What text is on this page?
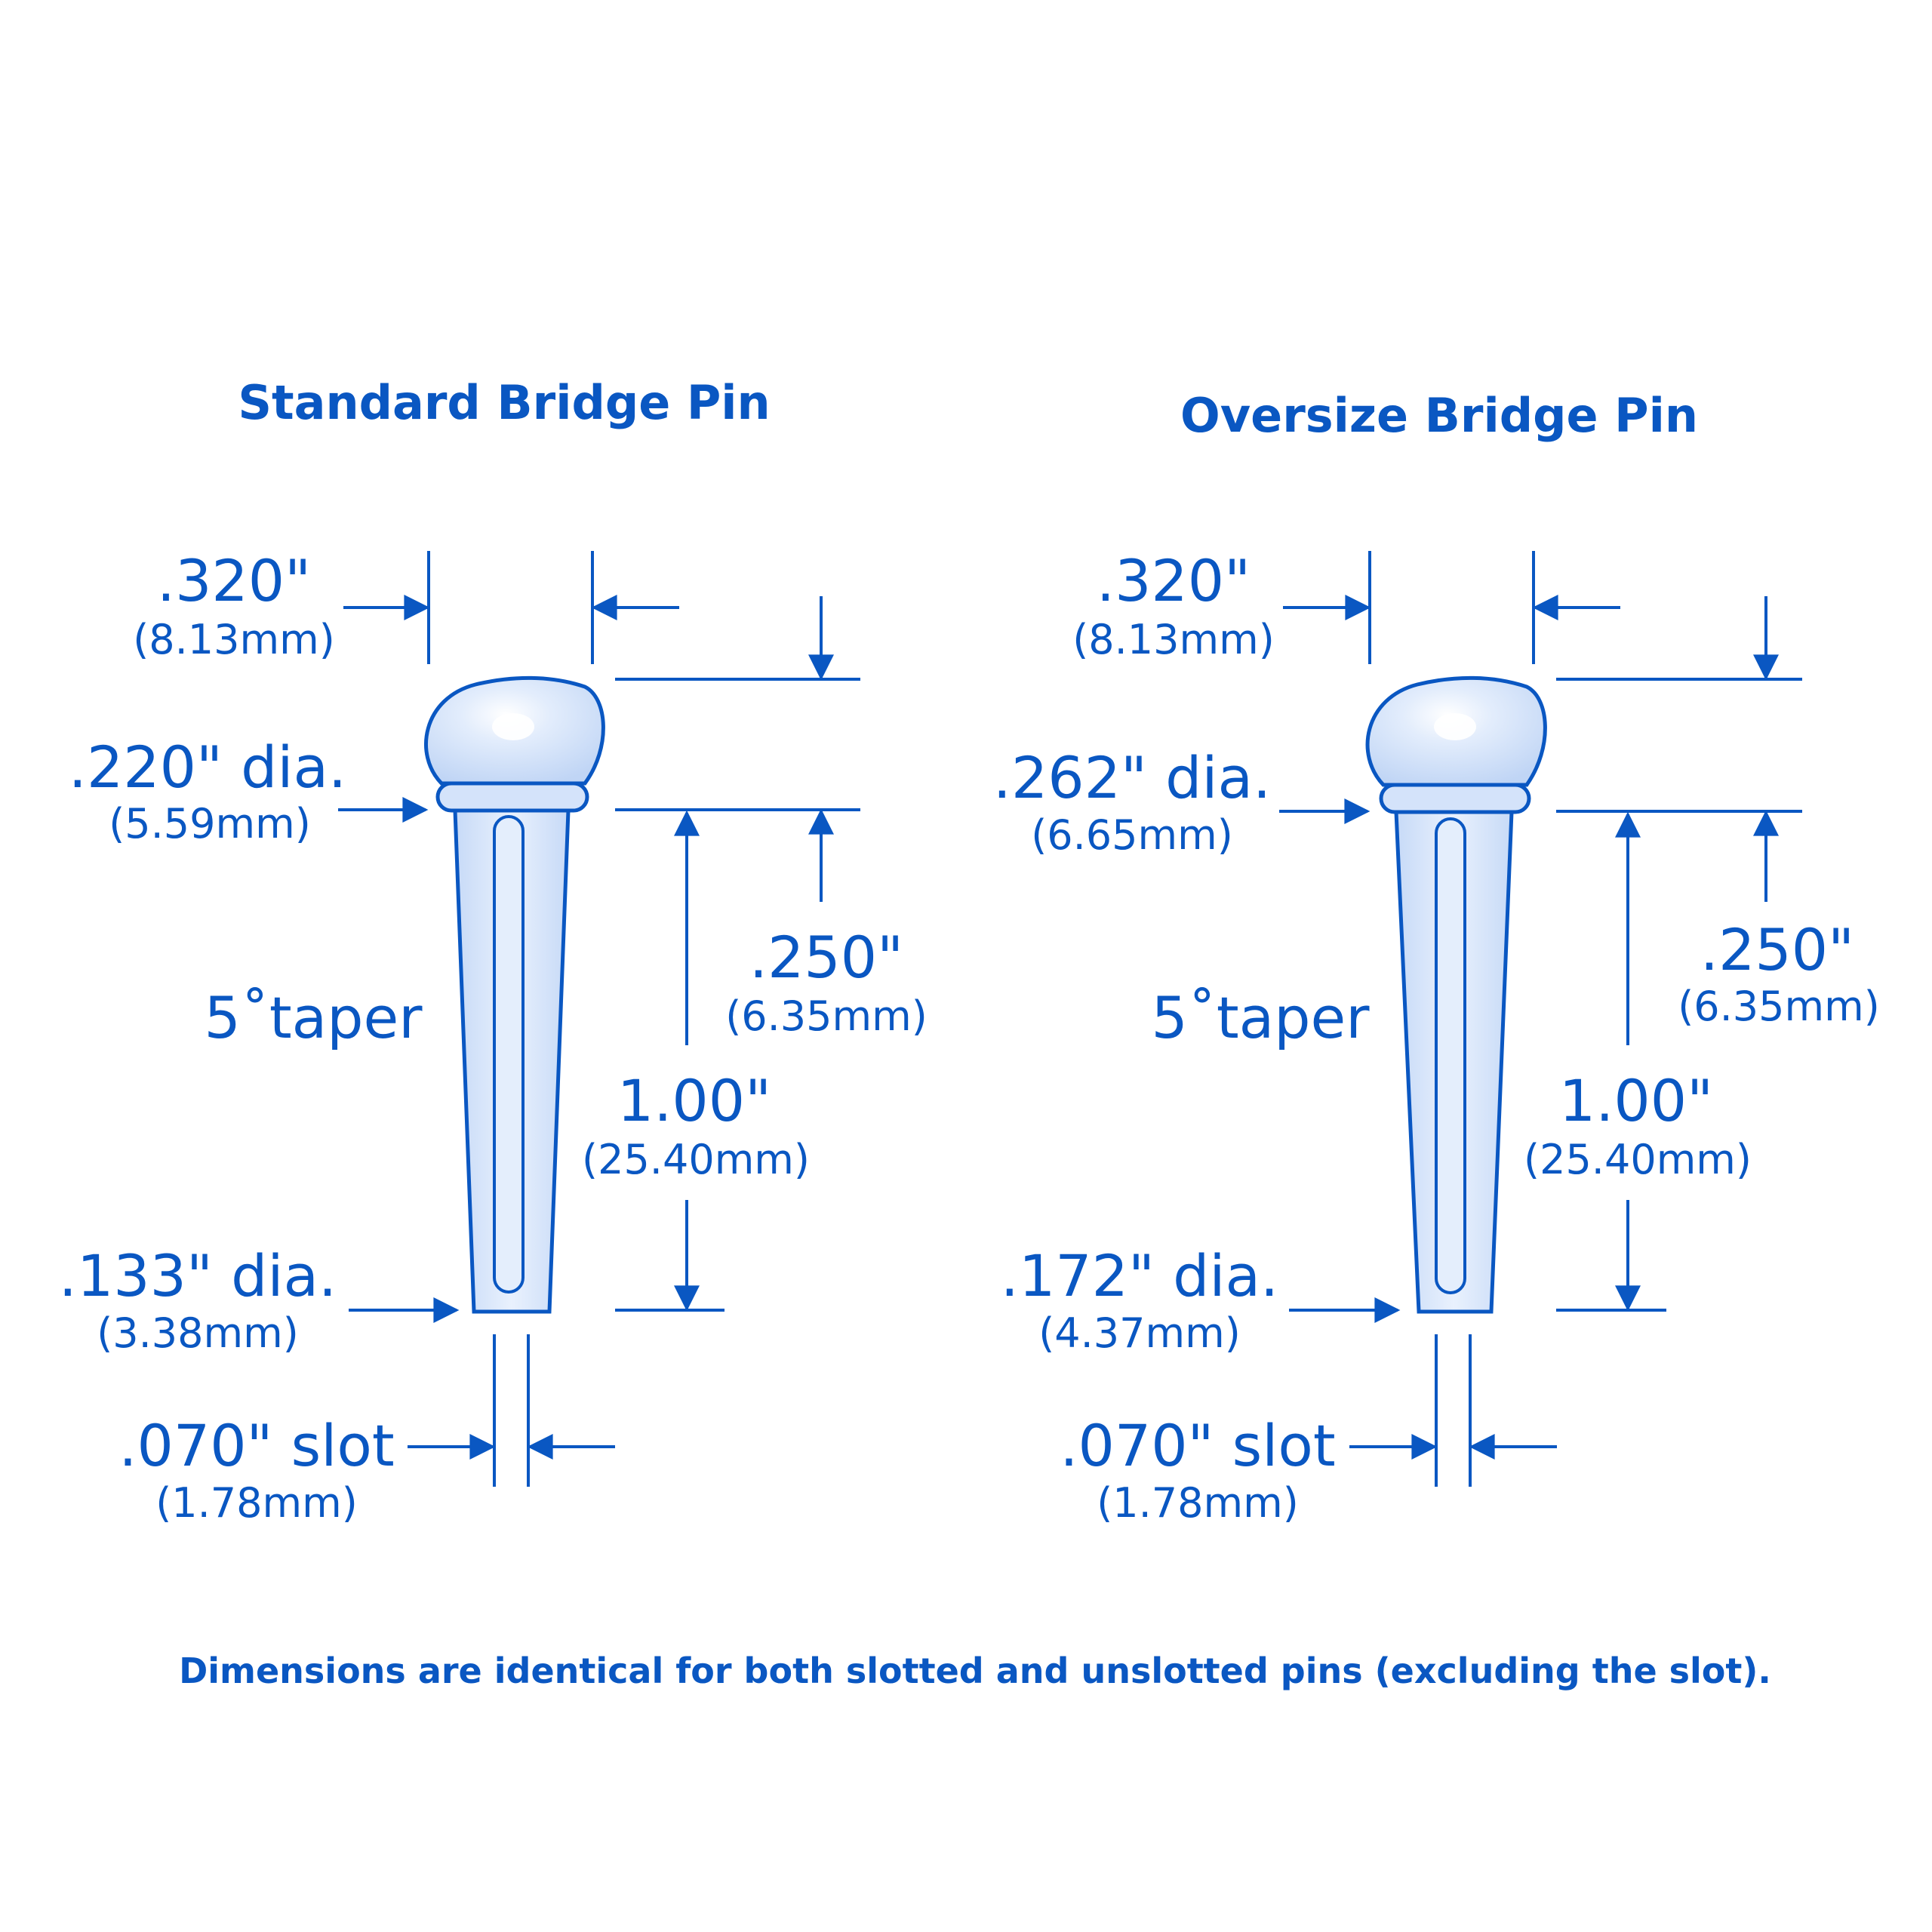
Standard Bridge Pin
.320"
(8.13mm)
.250"
(6.35mm)
.220" dia.
(5.59mm)
5˚taper
1.00"
(25.40mm)
.133" dia.
(3.38mm)
.070" slot
(1.78mm)
Oversize Bridge Pin
.320"
(8.13mm)
.250"
(6.35mm)
.262" dia.
(6.65mm)
5˚taper
1.00"
(25.40mm)
.172" dia.
(4.37mm)
.070" slot
(1.78mm)
Dimensions are identical for both slotted and unslotted pins (excluding the slot).
